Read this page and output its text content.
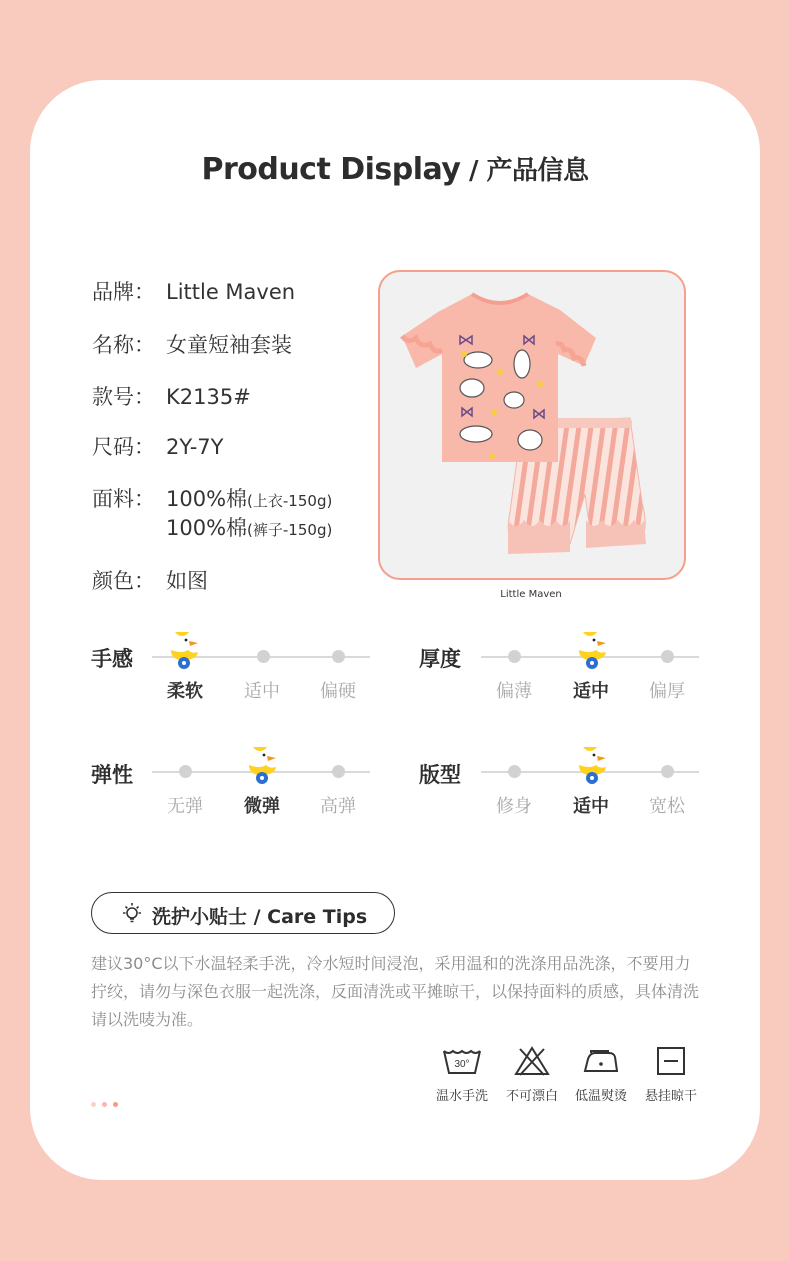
Product Display / 产品信息
品牌： Little Maven
名称： 女童短袖套装
款号： K2135#
尺码： 2Y-7Y
面料： 100%棉(上衣-150g)
100%棉(裤子-150g)
颜色： 如图
Little Maven
手感
柔软	适中	偏硬
厚度
偏薄	适中	偏厚
弹性
无弹	微弹	高弹
版型
修身	适中	宽松
洗护小贴士 / Care Tips
建议30°C以下水温轻柔手洗，冷水短时间浸泡，采用温和的洗涤用品洗涤，不要用力拧绞，请勿与深色衣服一起洗涤，反面清洗或平摊晾干，以保持面料的质感，具体清洗请以洗唛为准。
30°
温水手洗	不可漂白	低温熨烫	悬挂晾干
